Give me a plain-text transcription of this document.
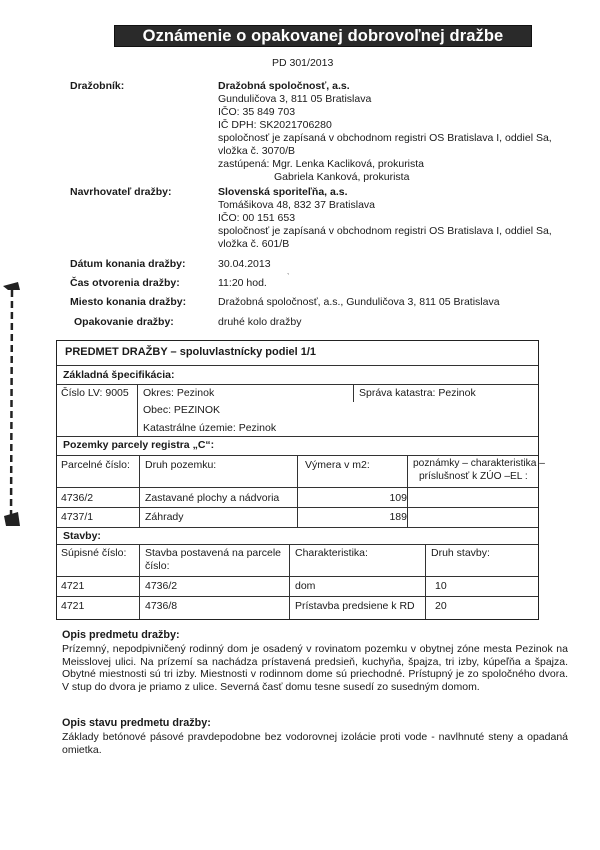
Oznámenie o opakovanej dobrovoľnej dražbe
PD 301/2013
Dražobník:	Dražobná spoločnosť, a.s.
Gunduličova 3, 811 05 Bratislava
IČO: 35 849 703
IČ DPH: SK2021706280
spoločnosť je zapísaná v obchodnom registri OS Bratislava I, oddiel Sa,
vložka č. 3070/B
zastúpená: Mgr. Lenka Kacliková, prokurista
Gabriela Kanková, prokurista
Navrhovateľ dražby:	Slovenská sporiteľňa, a.s.
Tomášikova 48, 832 37 Bratislava
IČO: 00 151 653
spoločnosť je zapísaná v obchodnom registri OS Bratislava I, oddiel Sa,
vložka č. 601/B
Dátum konania dražby:	30.04.2013
ˎ
Čas otvorenia dražby:	11:20 hod.
Miesto konania dražby:	Dražobná spoločnosť, a.s., Gunduličova 3, 811 05 Bratislava
Opakovanie dražby:	druhé kolo dražby
PREDMET DRAŽBY – spoluvlastnícky podiel 1/1
Základná špecifikácia:
Číslo LV: 9005 Okres: Pezinok
Obec: PEZINOK
Katastrálne územie: Pezinok
Správa katastra: Pezinok
Pozemky parcely registra „C“:
Parcelné číslo: Druh pozemku:	Výmera v m2:	poznámky – charakteristika –
príslušnosť k ZÚO –EL :
4736/2	Zastavané plochy a nádvoria	109
4737/1	Záhrady	189
Stavby:
Súpisné číslo: Stavba postavená na parcele
číslo:
Charakteristika:	Druh stavby:
4721	4736/2	dom	10
4721	4736/8	Prístavba predsiene k RD 20
Opis predmetu dražby:
Prízemný, nepodpivničený rodinný dom je osadený v rovinatom pozemku v obytnej zóne mesta Pezinok na Meisslovej ulici. Na prízemí sa nachádza prístavená predsieň, kuchyňa, špajza, tri izby, kúpeľňa a špajza. Obytné miestnosti sú tri izby. Miestnosti v rodinnom dome sú priechodné. Prístupný je zo spoločného dvora. V stup do dvora je priamo z ulice. Severná časť domu tesne susedí zo susedným domom.
Opis stavu predmetu dražby:
Základy betónové pásové pravdepodobne bez vodorovnej izolácie proti vode - navlhnuté steny a opadaná omietka.
